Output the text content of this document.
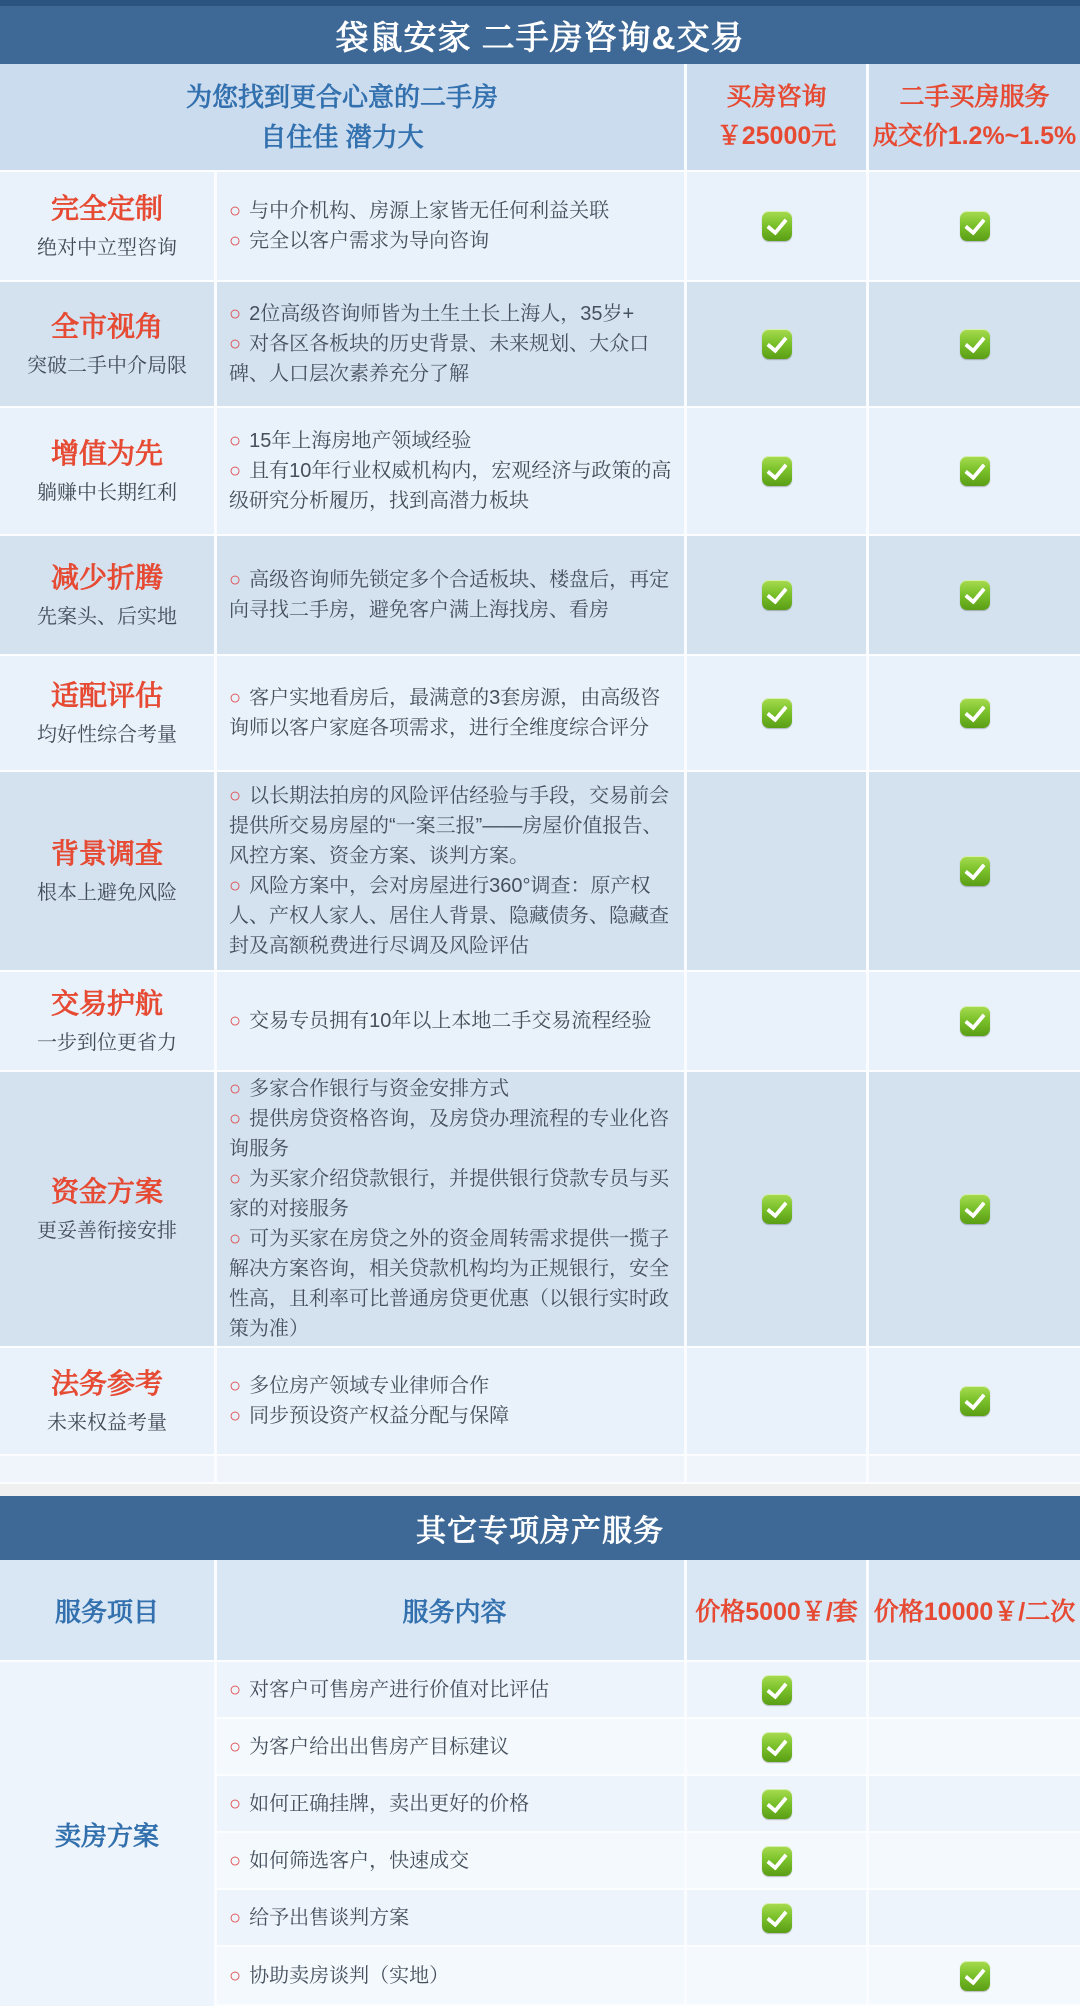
袋鼠安家 二手房咨询&交易
为您找到更合心意的二手房
自住佳 潜力大
买房咨询
￥25000元
二手买房服务
成交价1.2%~1.5%
完全定制
绝对中立型咨询
○ 与中介机构、房源上家皆无任何利益关联
○ 完全以客户需求为导向咨询
全市视角
突破二手中介局限
○ 2位高级咨询师皆为土生土长上海人，35岁+
○ 对各区各板块的历史背景、未来规划、大众口碑、人口层次素养充分了解
增值为先
躺赚中长期红利
○ 15年上海房地产领域经验
○ 且有10年行业权威机构内，宏观经济与政策的高级研究分析履历，找到高潜力板块
减少折腾
先案头、后实地
○ 高级咨询师先锁定多个合适板块、楼盘后，再定向寻找二手房，避免客户满上海找房、看房
适配评估
均好性综合考量
○ 客户实地看房后，最满意的3套房源，由高级咨询师以客户家庭各项需求，进行全维度综合评分
背景调查
根本上避免风险
○ 以长期法拍房的风险评估经验与手段，交易前会提供所交易房屋的“一案三报”——房屋价值报告、风控方案、资金方案、谈判方案。
○ 风险方案中，会对房屋进行360°调查：原产权人、产权人家人、居住人背景、隐藏债务、隐藏查封及高额税费进行尽调及风险评估
交易护航
一步到位更省力
○ 交易专员拥有10年以上本地二手交易流程经验
资金方案
更妥善衔接安排
○ 多家合作银行与资金安排方式
○ 提供房贷资格咨询，及房贷办理流程的专业化咨询服务
○ 为买家介绍贷款银行，并提供银行贷款专员与买家的对接服务
○ 可为买家在房贷之外的资金周转需求提供一揽子解决方案咨询，相关贷款机构均为正规银行，安全性高，且利率可比普通房贷更优惠（以银行实时政策为准）
法务参考
未来权益考量
○ 多位房产领域专业律师合作
○ 同步预设资产权益分配与保障
其它专项房产服务
服务项目	服务内容	价格5000￥/套 价格10000￥/二次
卖房方案
○ 对客户可售房产进行价值对比评估
○ 为客户给出出售房产目标建议
○ 如何正确挂牌，卖出更好的价格
○ 如何筛选客户，快速成交
○ 给予出售谈判方案
○ 协助卖房谈判（实地）
